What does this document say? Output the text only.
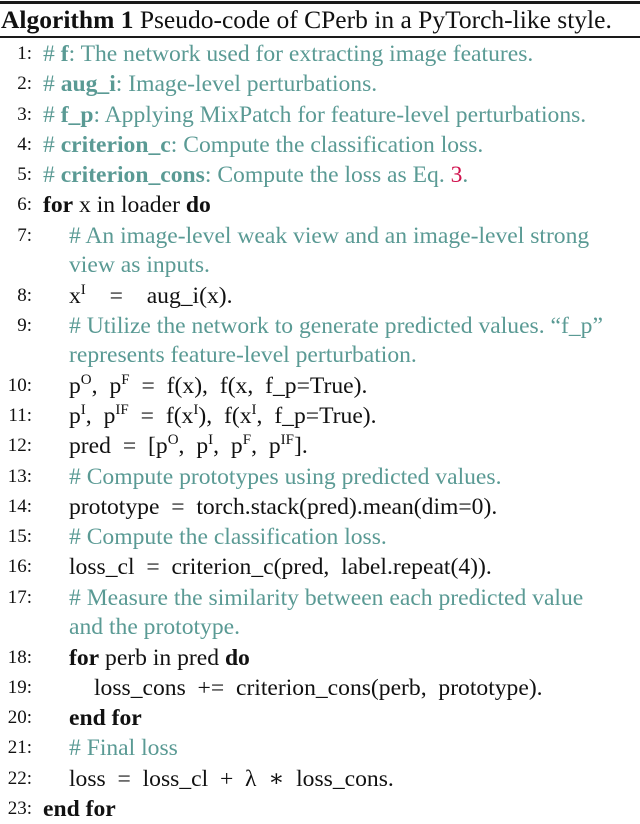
Algorithm 1 Pseudo-code of CPerb in a PyTorch-like style.
1: # f: The network used for extracting image features.
2: # aug_i: Image-level perturbations.
3: # f_p: Applying MixPatch for feature-level perturbations.
4: # criterion_c: Compute the classification loss.
5: # criterion_cons: Compute the loss as Eq. 3.
6: for x in loader do
7: # An image-level weak view and an image-level strong
view as inputs.
8: $x^I$  =  aug_i(x).
9: # Utilize the network to generate predicted values. “f_p”
represents feature-level perturbation.
10: $p^O$, $p^F = f(x)$, f(x, f_p=True).
11: $p^I$, $p^{IF} = f(x^I)$, $f(x^I$, f_p=True).
12: pred = [$p^O$, $p^I$, $p^F$, $p^{IF}$].
13: # Compute prototypes using predicted values.
14: prototype  =  torch.stack(pred).mean(dim=0).
15: # Compute the classification loss.
16: loss_cl  =  criterion_c(pred,  label.repeat(4)).
17: # Measure the similarity between each predicted value
and the prototype.
18: for perb in pred do
19:	loss_cons  +=  criterion_cons(perb,  prototype).
20: end for
21: # Final loss
22: loss  =  loss_cl  +  λ  ∗  loss_cons.
23: end for
